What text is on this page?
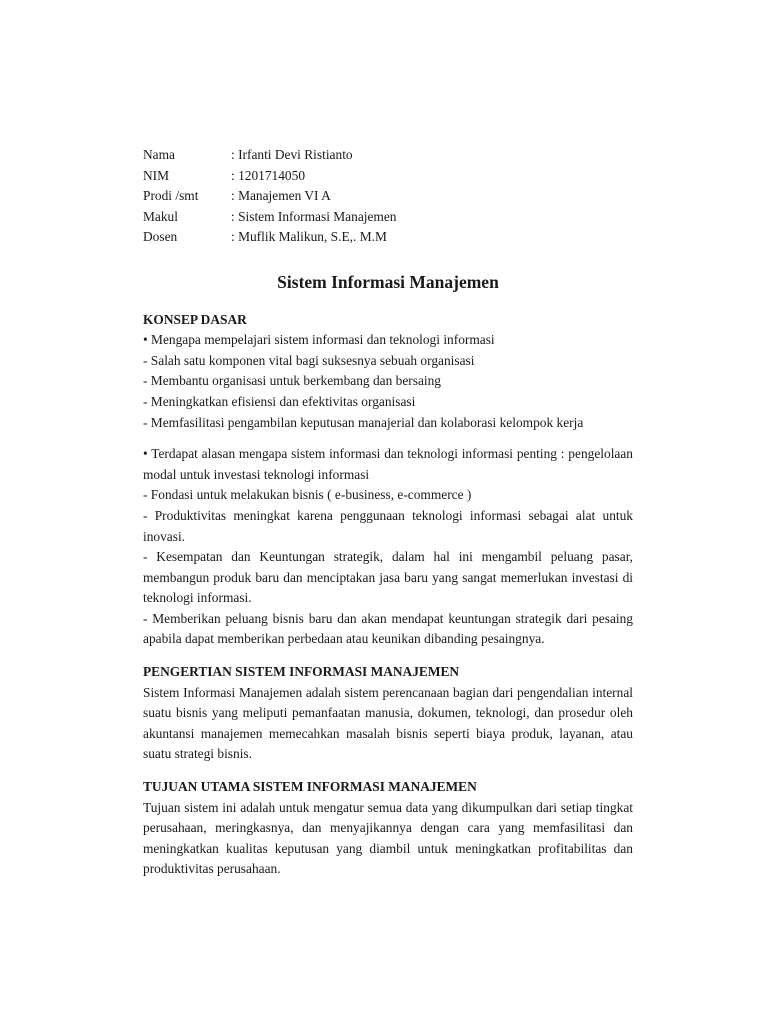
Nama	: Irfanti Devi Ristianto
NIM	: 1201714050
Prodi /smt	: Manajemen VI A
Makul	: Sistem Informasi Manajemen
Dosen	: Muflik Malikun, S.E,. M.M
Sistem Informasi Manajemen
KONSEP DASAR
• Mengapa mempelajari sistem informasi dan teknologi informasi
- Salah satu komponen vital bagi suksesnya sebuah organisasi
- Membantu organisasi untuk berkembang dan bersaing
- Meningkatkan efisiensi dan efektivitas organisasi
- Memfasilitasi pengambilan keputusan manajerial dan kolaborasi kelompok kerja
• Terdapat alasan mengapa sistem informasi dan teknologi informasi penting : pengelolaan modal untuk investasi teknologi informasi
- Fondasi untuk melakukan bisnis ( e-business, e-commerce )
- Produktivitas meningkat karena penggunaan teknologi informasi sebagai alat untuk inovasi.
- Kesempatan dan Keuntungan strategik, dalam hal ini mengambil peluang pasar, membangun produk baru dan menciptakan jasa baru yang sangat memerlukan investasi di teknologi informasi.
- Memberikan peluang bisnis baru dan akan mendapat keuntungan strategik dari pesaing apabila dapat memberikan perbedaan atau keunikan dibanding pesaingnya.
PENGERTIAN SISTEM INFORMASI MANAJEMEN
Sistem Informasi Manajemen adalah sistem perencanaan bagian dari pengendalian internal suatu bisnis yang meliputi pemanfaatan manusia, dokumen, teknologi, dan prosedur oleh akuntansi manajemen memecahkan masalah bisnis seperti biaya produk, layanan, atau suatu strategi bisnis.
TUJUAN UTAMA SISTEM INFORMASI MANAJEMEN
Tujuan sistem ini adalah untuk mengatur semua data yang dikumpulkan dari setiap tingkat perusahaan, meringkasnya, dan menyajikannya dengan cara yang memfasilitasi dan meningkatkan kualitas keputusan yang diambil untuk meningkatkan profitabilitas dan produktivitas perusahaan.
